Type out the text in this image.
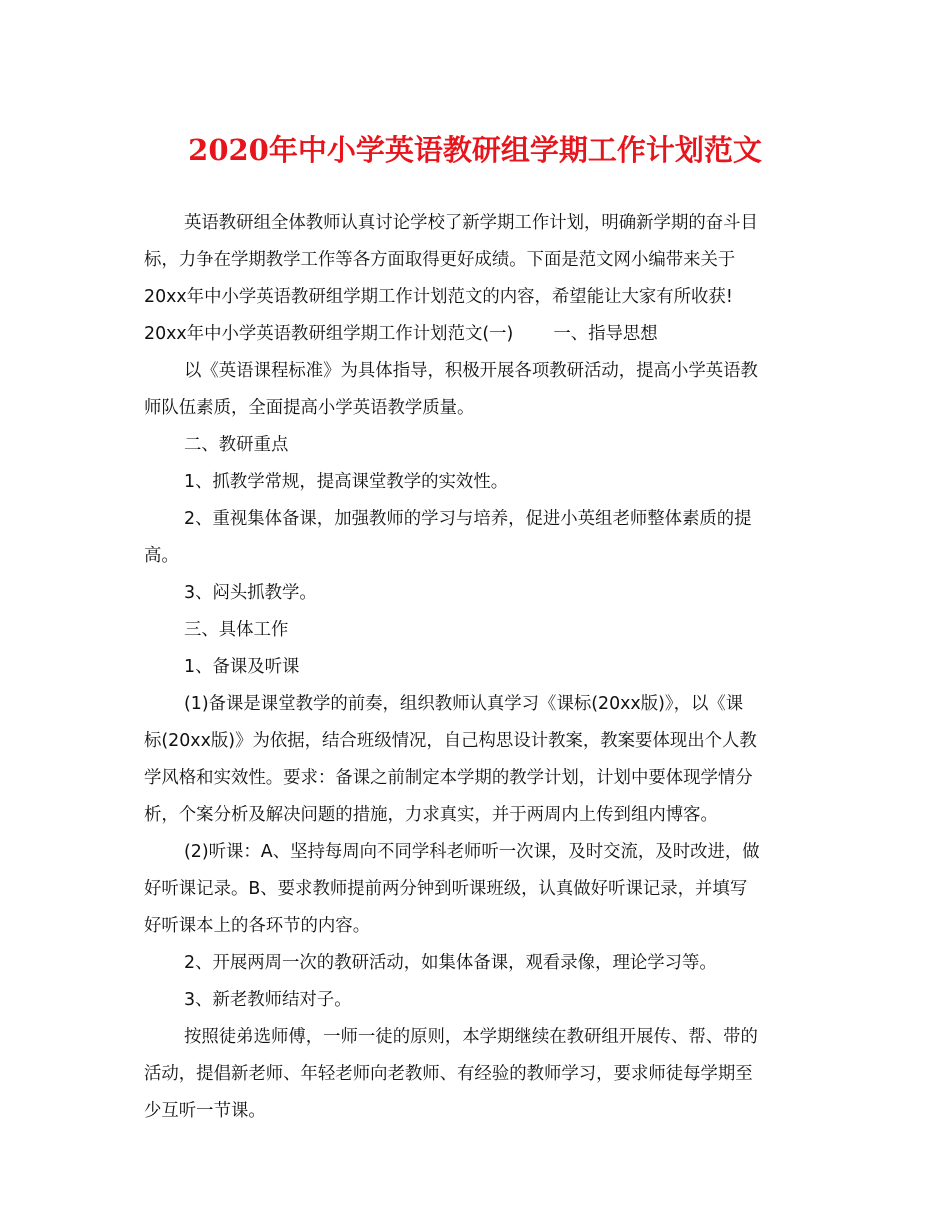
2020年中小学英语教研组学期工作计划范文
英语教研组全体教师认真讨论学校了新学期工作计划，明确新学期的奋斗目
标，力争在学期教学工作等各方面取得更好成绩。下面是范文网小编带来关于
20xx年中小学英语教研组学期工作计划范文的内容，希望能让大家有所收获!
20xx年中小学英语教研组学期工作计划范文(一) 一、指导思想
以《英语课程标准》为具体指导，积极开展各项教研活动，提高小学英语教
师队伍素质，全面提高小学英语教学质量。
二、教研重点
1、抓教学常规，提高课堂教学的实效性。
2、重视集体备课，加强教师的学习与培养，促进小英组老师整体素质的提
高。
3、闷头抓教学。
三、具体工作
1、备课及听课
(1)备课是课堂教学的前奏，组织教师认真学习《课标(20xx版)》，以《课
标(20xx版)》为依据，结合班级情况，自己构思设计教案，教案要体现出个人教
学风格和实效性。要求：备课之前制定本学期的教学计划，计划中要体现学情分
析，个案分析及解决问题的措施，力求真实，并于两周内上传到组内博客。
(2)听课：A、坚持每周向不同学科老师听一次课，及时交流，及时改进，做
好听课记录。B、要求教师提前两分钟到听课班级，认真做好听课记录，并填写
好听课本上的各环节的内容。
2、开展两周一次的教研活动，如集体备课，观看录像，理论学习等。
3、新老教师结对子。
按照徒弟选师傅，一师一徒的原则，本学期继续在教研组开展传、帮、带的
活动，提倡新老师、年轻老师向老教师、有经验的教师学习，要求师徒每学期至
少互听一节课。
